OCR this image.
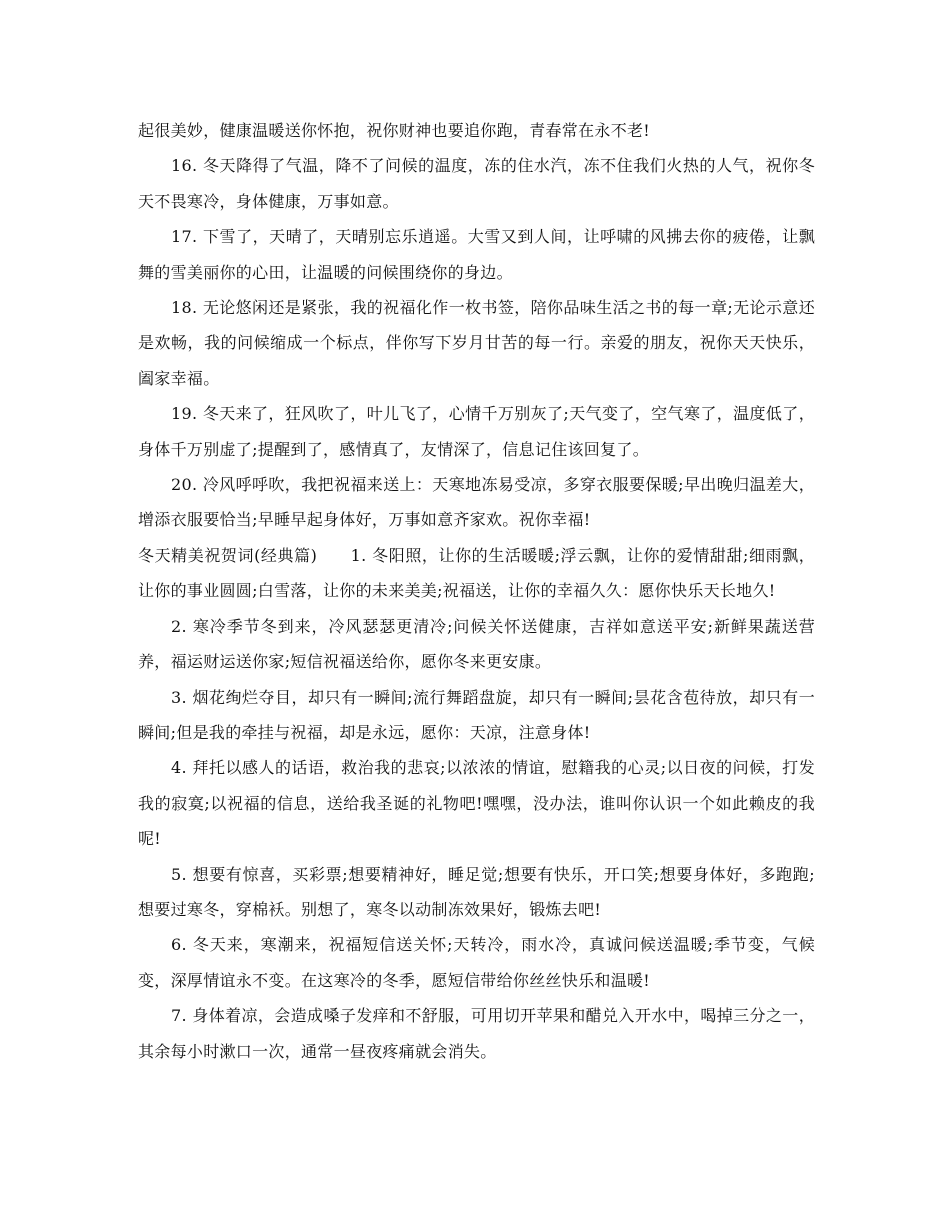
起很美妙，健康温暖送你怀抱，祝你财神也要追你跑，青春常在永不老!

16. 冬天降得了气温，降不了问候的温度，冻的住水汽，冻不住我们火热的人气，祝你冬天不畏寒冷，身体健康，万事如意。

17. 下雪了，天晴了，天晴别忘乐逍遥。大雪又到人间，让呼啸的风拂去你的疲倦，让飘舞的雪美丽你的心田，让温暖的问候围绕你的身边。

18. 无论悠闲还是紧张，我的祝福化作一枚书签，陪你品味生活之书的每一章;无论示意还是欢畅，我的问候缩成一个标点，伴你写下岁月甘苦的每一行。亲爱的朋友，祝你天天快乐，阖家幸福。

19. 冬天来了，狂风吹了，叶儿飞了，心情千万别灰了;天气变了，空气寒了，温度低了，身体千万别虚了;提醒到了，感情真了，友情深了，信息记住该回复了。

20. 冷风呼呼吹，我把祝福来送上：天寒地冻易受凉，多穿衣服要保暖;早出晚归温差大，增添衣服要恰当;早睡早起身体好，万事如意齐家欢。祝你幸福!

冬天精美祝贺词(经典篇)　　1. 冬阳照，让你的生活暖暖;浮云飘，让你的爱情甜甜;细雨飘，让你的事业圆圆;白雪落，让你的未来美美;祝福送，让你的幸福久久：愿你快乐天长地久!

2. 寒冷季节冬到来，冷风瑟瑟更清冷;问候关怀送健康，吉祥如意送平安;新鲜果蔬送营养，福运财运送你家;短信祝福送给你，愿你冬来更安康。

3. 烟花绚烂夺目，却只有一瞬间;流行舞蹈盘旋，却只有一瞬间;昙花含苞待放，却只有一瞬间;但是我的牵挂与祝福，却是永远，愿你：天凉，注意身体!

4. 拜托以感人的话语，救治我的悲哀;以浓浓的情谊，慰籍我的心灵;以日夜的问候，打发我的寂寞;以祝福的信息，送给我圣诞的礼物吧!嘿嘿，没办法，谁叫你认识一个如此赖皮的我呢!

5. 想要有惊喜，买彩票;想要精神好，睡足觉;想要有快乐，开口笑;想要身体好，多跑跑;想要过寒冬，穿棉袄。别想了，寒冬以动制冻效果好，锻炼去吧!

6. 冬天来，寒潮来，祝福短信送关怀;天转冷，雨水冷，真诚问候送温暖;季节变，气候变，深厚情谊永不变。在这寒冷的冬季，愿短信带给你丝丝快乐和温暖!

7. 身体着凉，会造成嗓子发痒和不舒服，可用切开苹果和醋兑入开水中，喝掉三分之一，其余每小时漱口一次，通常一昼夜疼痛就会消失。
